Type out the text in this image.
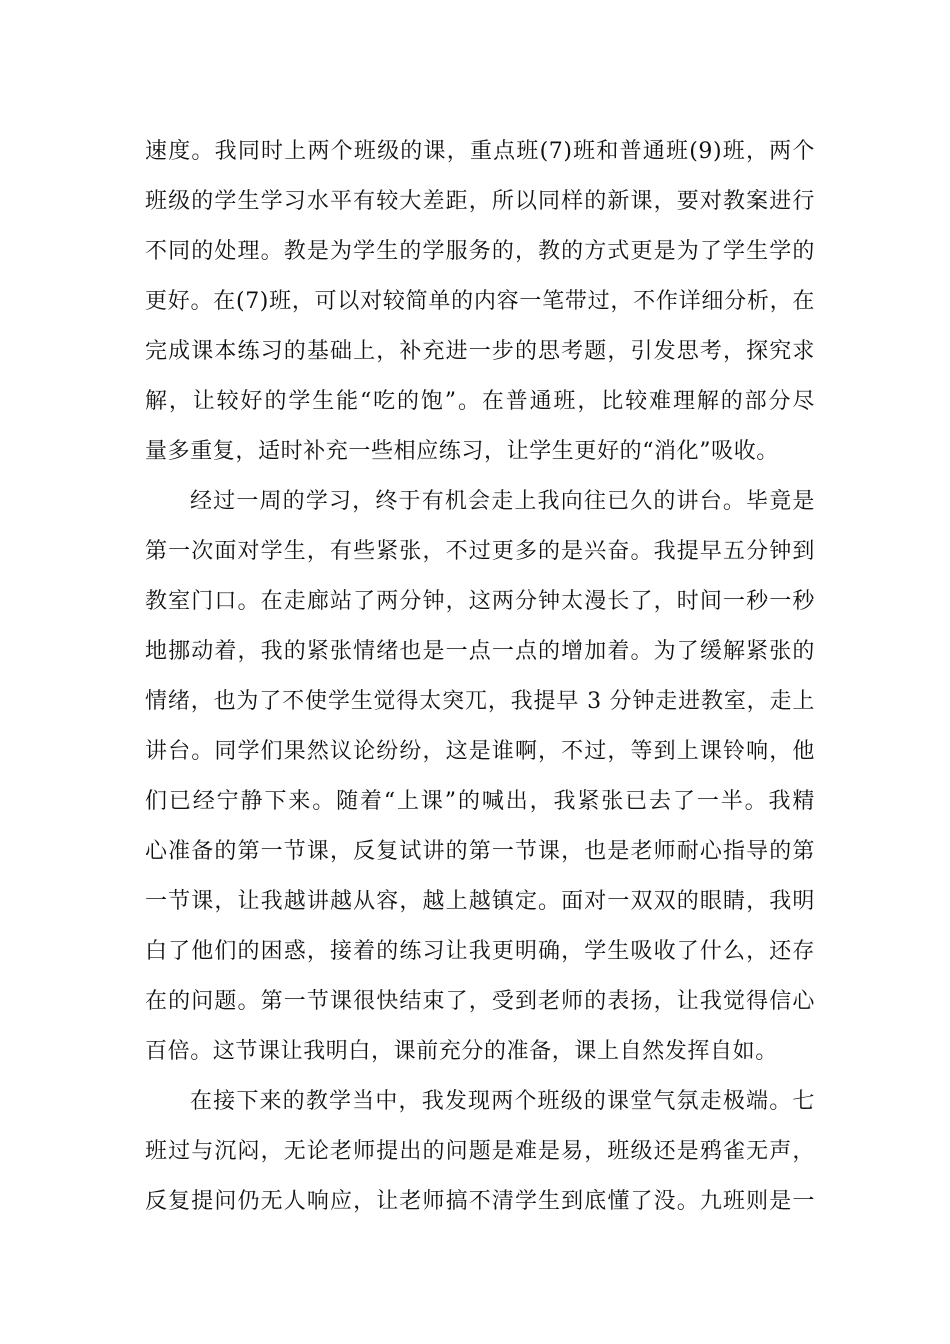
速度。我同时上两个班级的课，重点班(7)班和普通班(9)班，两个
班级的学生学习水平有较大差距，所以同样的新课，要对教案进行
不同的处理。教是为学生的学服务的，教的方式更是为了学生学的
更好。在(7)班，可以对较简单的内容一笔带过，不作详细分析，在
完成课本练习的基础上，补充进一步的思考题，引发思考，探究求
解，让较好的学生能“吃的饱”。在普通班，比较难理解的部分尽
量多重复，适时补充一些相应练习，让学生更好的“消化”吸收。
经过一周的学习，终于有机会走上我向往已久的讲台。毕竟是
第一次面对学生，有些紧张，不过更多的是兴奋。我提早五分钟到
教室门口。在走廊站了两分钟，这两分钟太漫长了，时间一秒一秒
地挪动着，我的紧张情绪也是一点一点的增加着。为了缓解紧张的
情绪，也为了不使学生觉得太突兀，我提早 3 分钟走进教室，走上
讲台。同学们果然议论纷纷，这是谁啊，不过，等到上课铃响，他
们已经宁静下来。随着“上课”的喊出，我紧张已去了一半。我精
心准备的第一节课，反复试讲的第一节课，也是老师耐心指导的第
一节课，让我越讲越从容，越上越镇定。面对一双双的眼睛，我明
白了他们的困惑，接着的练习让我更明确，学生吸收了什么，还存
在的问题。第一节课很快结束了，受到老师的表扬，让我觉得信心
百倍。这节课让我明白，课前充分的准备，课上自然发挥自如。
在接下来的教学当中，我发现两个班级的课堂气氛走极端。七
班过与沉闷，无论老师提出的问题是难是易，班级还是鸦雀无声，
反复提问仍无人响应，让老师搞不清学生到底懂了没。九班则是一
